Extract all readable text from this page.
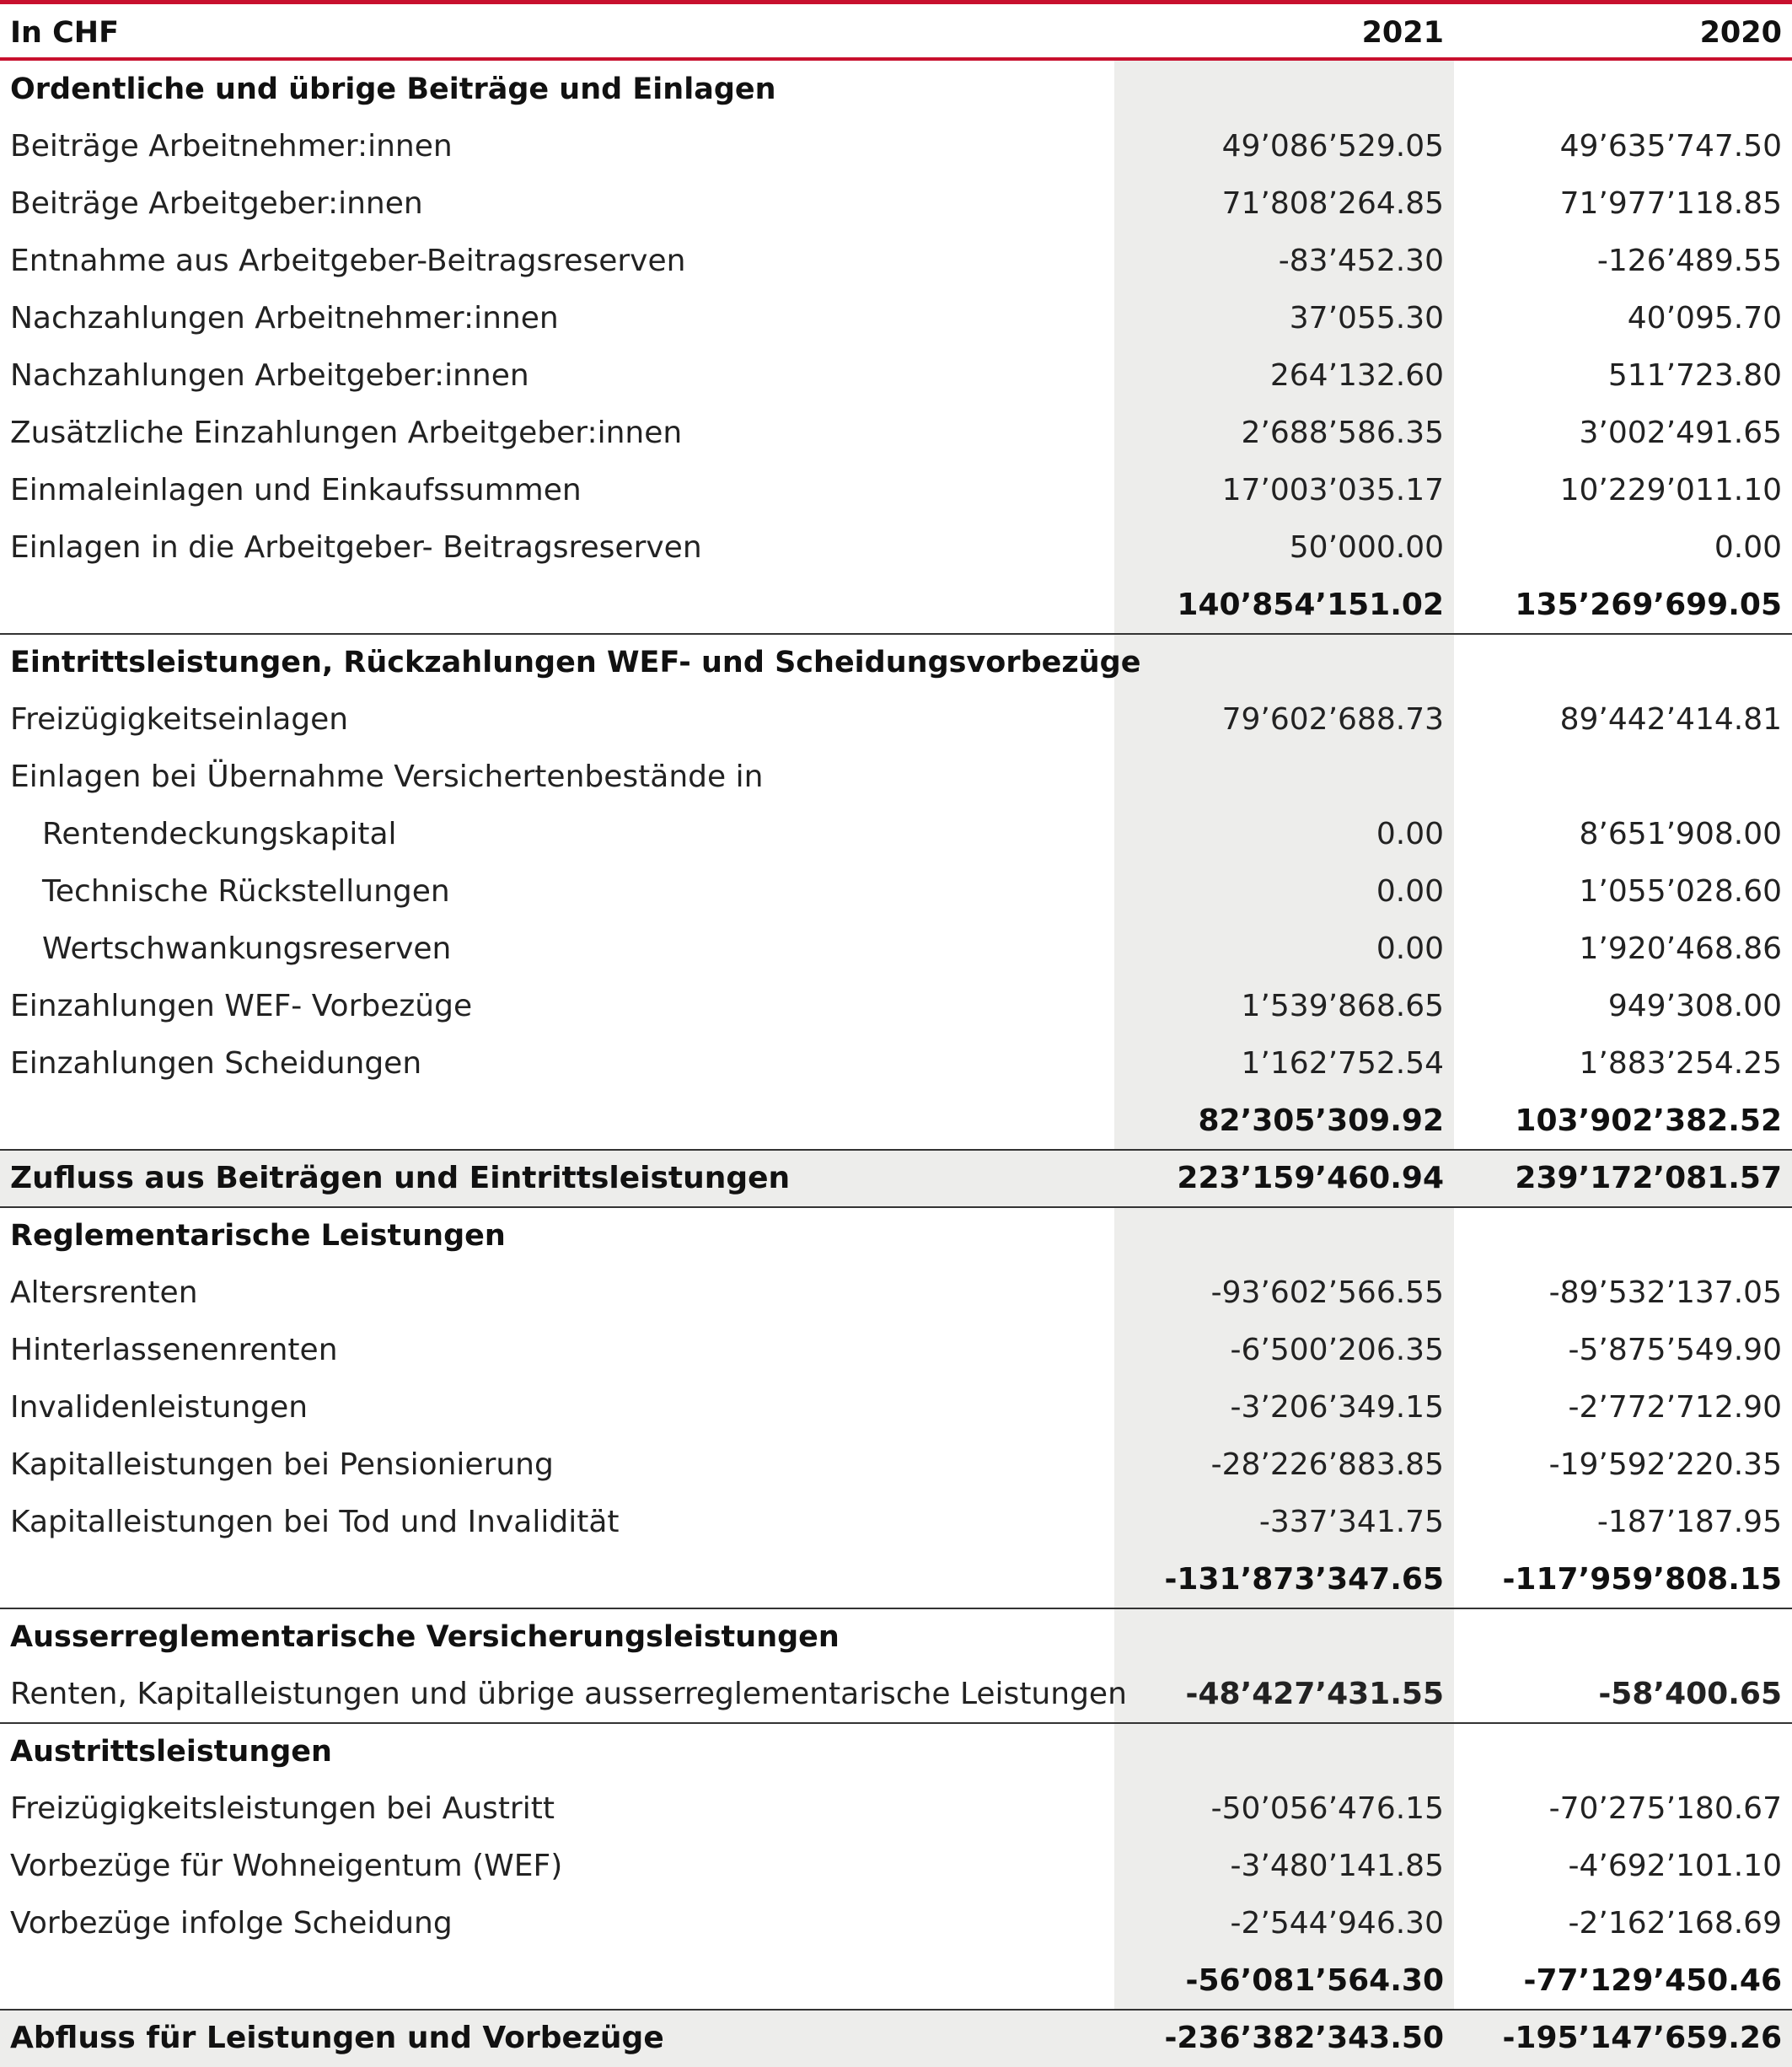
In CHF	2021	2020
Ordentliche und übrige Beiträge und Einlagen
Beiträge Arbeitnehmer:innen	49’086’529.05	49’635’747.50
Beiträge Arbeitgeber:innen	71’808’264.85	71’977’118.85
Entnahme aus Arbeitgeber-Beitragsreserven	-83’452.30	-126’489.55
Nachzahlungen Arbeitnehmer:innen	37’055.30	40’095.70
Nachzahlungen Arbeitgeber:innen	264’132.60	511’723.80
Zusätzliche Einzahlungen Arbeitgeber:innen	2’688’586.35	3’002’491.65
Einmaleinlagen und Einkaufssummen	17’003’035.17	10’229’011.10
Einlagen in die Arbeitgeber- Beitragsreserven	50’000.00	0.00
140’854’151.02 135’269’699.05
Eintrittsleistungen, Rückzahlungen WEF- und Scheidungsvorbezüge
Freizügigkeitseinlagen	79’602’688.73	89’442’414.81
Einlagen bei Übernahme Versichertenbestände in
Rentendeckungskapital	0.00	8’651’908.00
Technische Rückstellungen	0.00	1’055’028.60
Wertschwankungsreserven	0.00	1’920’468.86
Einzahlungen WEF- Vorbezüge	1’539’868.65	949’308.00
Einzahlungen Scheidungen	1’162’752.54	1’883’254.25
82’305’309.92 103’902’382.52
Zufluss aus Beiträgen und Eintrittsleistungen	223’159’460.94 239’172’081.57
Reglementarische Leistungen
Altersrenten	-93’602’566.55	-89’532’137.05
Hinterlassenenrenten	-6’500’206.35	-5’875’549.90
Invalidenleistungen	-3’206’349.15	-2’772’712.90
Kapitalleistungen bei Pensionierung	-28’226’883.85	-19’592’220.35
Kapitalleistungen bei Tod und Invalidität	-337’341.75	-187’187.95
-131’873’347.65 -117’959’808.15
Ausserreglementarische Versicherungsleistungen
Renten, Kapitalleistungen und übrige ausserreglementarische Leistungen -48’427’431.55	-58’400.65
Austrittsleistungen
Freizügigkeitsleistungen bei Austritt	-50’056’476.15	-70’275’180.67
Vorbezüge für Wohneigentum (WEF)	-3’480’141.85	-4’692’101.10
Vorbezüge infolge Scheidung	-2’544’946.30	-2’162’168.69
-56’081’564.30	-77’129’450.46
Abfluss für Leistungen und Vorbezüge	-236’382’343.50 -195’147’659.26
